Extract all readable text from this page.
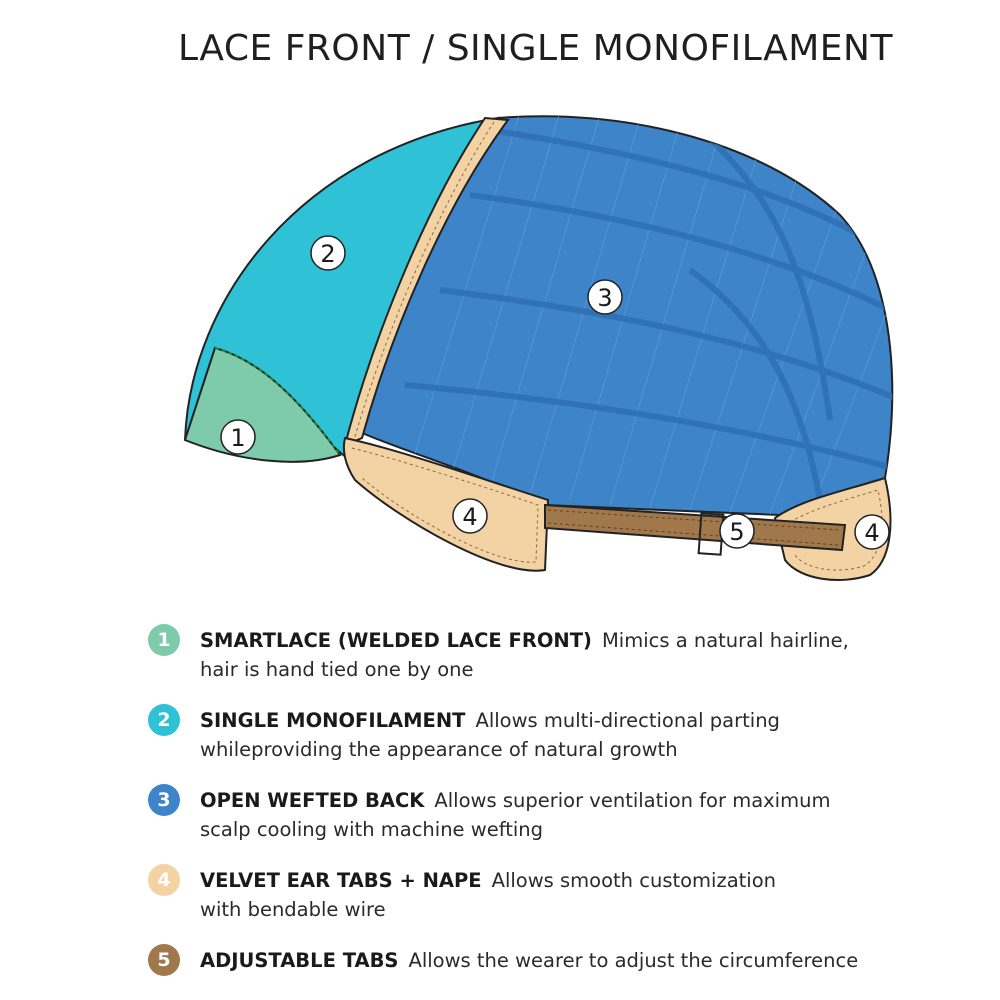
LACE FRONT / SINGLE MONOFILAMENT
1
2
3
4
5	4
1	SMARTLACE (WELDED LACE FRONT) Mimics a natural hairline,
hair is hand tied one by one
2	SINGLE MONOFILAMENT Allows multi-directional parting
whileproviding the appearance of natural growth
3	OPEN WEFTED BACK Allows superior ventilation for maximum
scalp cooling with machine wefting
4	VELVET EAR TABS + NAPE Allows smooth customization
with bendable wire
5	ADJUSTABLE TABS Allows the wearer to adjust the circumference
